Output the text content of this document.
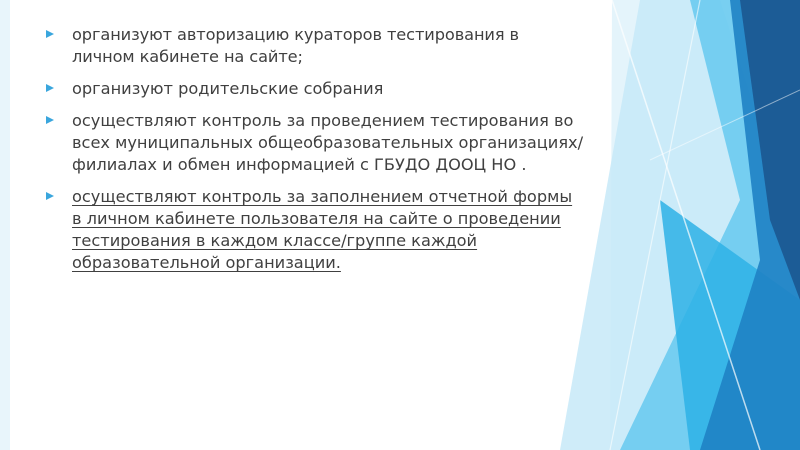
организуют авторизацию кураторов тестирования в личном кабинете на сайте;
организуют родительские собрания
осуществляют контроль за проведением тестирования во всех муниципальных общеобразовательных организациях/филиалах и обмен информацией с ГБУДО ДООЦ НО .
осуществляют контроль за заполнением отчетной формы в личном кабинете пользователя на сайте о проведении тестирования в каждом классе/группе каждой образовательной организации.
